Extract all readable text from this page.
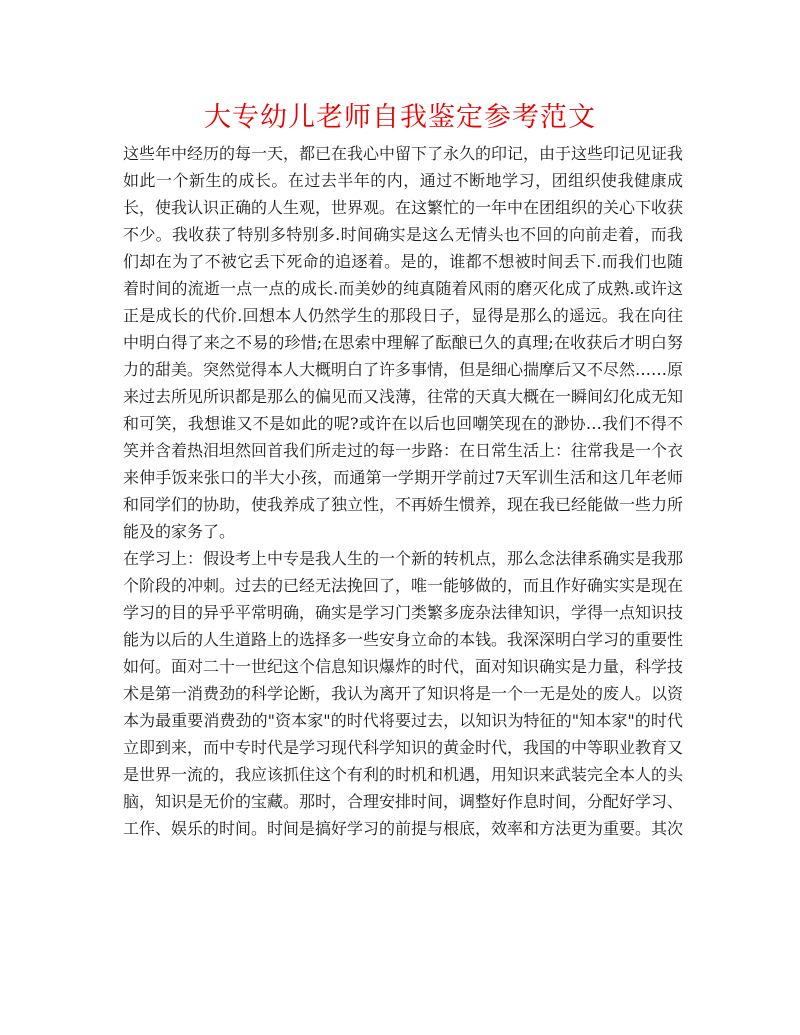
大专幼儿老师自我鉴定参考范文

这些年中经历的每一天，都已在我心中留下了永久的印记，由于这些印记见证我如此一个新生的成长。在过去半年的内，通过不断地学习，团组织使我健康成长，使我认识正确的人生观，世界观。在这繁忙的一年中在团组织的关心下收获不少。我收获了特别多特别多.时间确实是这么无情头也不回的向前走着，而我们却在为了不被它丢下死命的追逐着。是的，谁都不想被时间丢下.而我们也随着时间的流逝一点一点的成长.而美妙的纯真随着风雨的磨灭化成了成熟.或许这正是成长的代价.回想本人仍然学生的那段日子，显得是那么的遥远。我在向往中明白得了来之不易的珍惜;在思索中理解了酝酿已久的真理;在收获后才明白努力的甜美。突然觉得本人大概明白了许多事情，但是细心揣摩后又不尽然……原来过去所见所识都是那么的偏见而又浅薄，往常的天真大概在一瞬间幻化成无知和可笑，我想谁又不是如此的呢?或许在以后也回嘲笑现在的渺协…我们不得不笑并含着热泪坦然回首我们所走过的每一步路：在日常生活上：往常我是一个衣来伸手饭来张口的半大小孩，而通第一学期开学前过7天军训生活和这几年老师和同学们的协助，使我养成了独立性，不再娇生惯养，现在我已经能做一些力所能及的家务了。

在学习上：假设考上中专是我人生的一个新的转机点，那么念法律系确实是我那个阶段的冲刺。过去的已经无法挽回了，唯一能够做的，而且作好确实实是现在学习的目的异乎平常明确，确实是学习门类繁多庞杂法律知识，学得一点知识技能为以后的人生道路上的选择多一些安身立命的本钱。我深深明白学习的重要性如何。面对二十一世纪这个信息知识爆炸的时代，面对知识确实是力量，科学技术是第一消费劲的科学论断，我认为离开了知识将是一个一无是处的废人。以资本为最重要消费劲的"资本家"的时代将要过去，以知识为特征的"知本家"的时代立即到来，而中专时代是学习现代科学知识的黄金时代，我国的中等职业教育又是世界一流的，我应该抓住这个有利的时机和机遇，用知识来武装完全本人的头脑，知识是无价的宝藏。那时，合理安排时间，调整好作息时间，分配好学习、工作、娱乐的时间。时间是搞好学习的前提与根底，效率和方法更为重要。其次
